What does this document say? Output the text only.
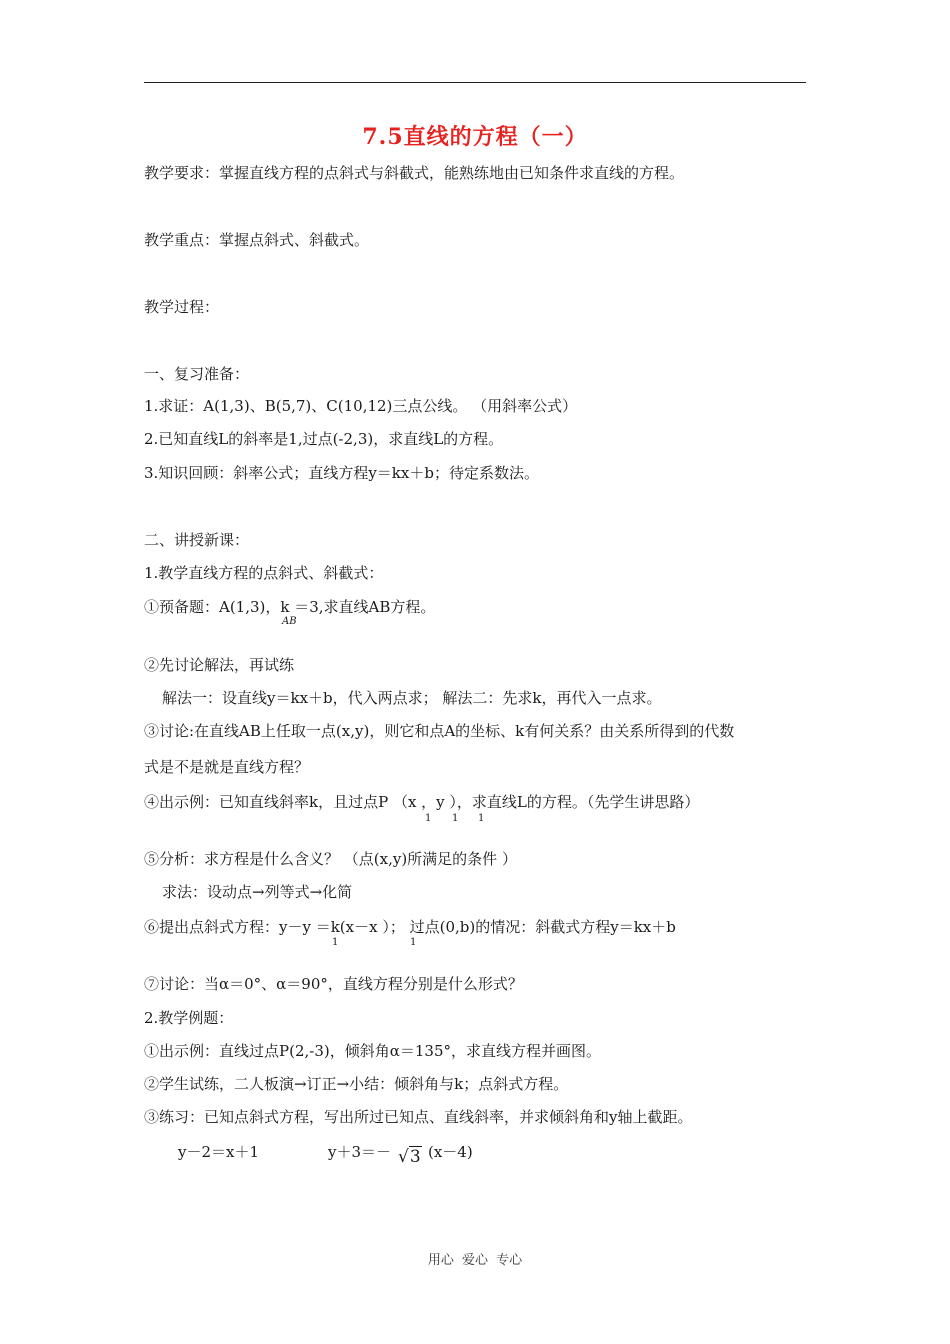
7.5直线的方程（一）
教学要求：掌握直线方程的点斜式与斜截式，能熟练地由已知条件求直线的方程。
教学重点：掌握点斜式、斜截式。
教学过程：
一、复习准备：
1.求证：A(1,3)、B(5,7)、C(10,12)三点公线。 （用斜率公式）
2.已知直线L的斜率是1,过点(-2,3)，求直线L的方程。
3.知识回顾：斜率公式；直线方程y＝kx＋b；待定系数法。
二、讲授新课：
1.教学直线方程的点斜式、斜截式：
①预备题：A(1,3)，k ＝3,求直线AB方程。
AB
②先讨论解法，再试练
解法一：设直线y＝kx＋b，代入两点求； 解法二：先求k，再代入一点求。
③讨论:在直线AB上任取一点(x,y)，则它和点A的坐标、k有何关系？由关系所得到的代数
式是不是就是直线方程？
④出示例：已知直线斜率k，且过点P （x ，y ），求直线L的方程。（先学生讲思路）
1 1 1
⑤分析：求方程是什么含义？ （点(x,y)所满足的条件 ）
求法：设动点→列等式→化简
⑥提出点斜式方程：y－y ＝k(x－x ）； 过点(0,b)的情况：斜截式方程y＝kx＋b
1	1
⑦讨论：当α＝0°、α＝90°，直线方程分别是什么形式？
2.教学例题：
①出示例：直线过点P(2,-3)，倾斜角α＝135°，求直线方程并画图。
②学生试练，二人板演→订正→小结：倾斜角与k；点斜式方程。
③练习：已知点斜式方程，写出所过已知点、直线斜率，并求倾斜角和y轴上截距。
y－2＝x＋1	y＋3＝－ √3 (x－4)
用心 爱心 专心
